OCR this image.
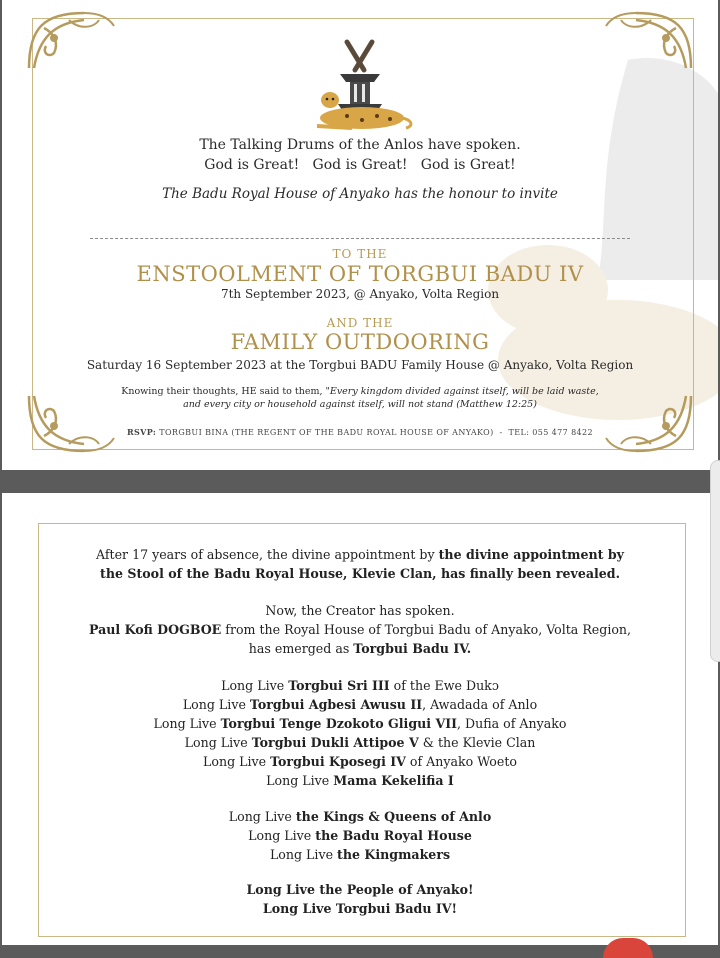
The Talking Drums of the Anlos have spoken.
God is Great!   God is Great!   God is Great!
The Badu Royal House of Anyako has the honour to invite
TO THE
ENSTOOLMENT OF TORGBUI BADU IV
7th September 2023, @ Anyako, Volta Region
AND THE
FAMILY OUTDOORING
Saturday 16 September 2023 at the Torgbui BADU Family House @ Anyako, Volta Region
Knowing their thoughts, HE said to them, "Every kingdom divided against itself, will be laid waste,
and every city or household against itself, will not stand (Matthew 12:25)
RSVP: TORGBUI BINA (THE REGENT OF THE BADU ROYAL HOUSE OF ANYAKO)  -  TEL: 055 477 8422
After 17 years of absence, the divine appointment by the divine appointment by
the Stool of the Badu Royal House, Klevie Clan, has finally been revealed.
Now, the Creator has spoken.
Paul Kofi DOGBOE from the Royal House of Torgbui Badu of Anyako, Volta Region,
has emerged as Torgbui Badu IV.
Long Live Torgbui Sri III of the Ewe Dukɔ
Long Live Torgbui Agbesi Awusu II, Awadada of Anlo
Long Live Torgbui Tenge Dzokoto Gligui VII, Dufia of Anyako
Long Live Torgbui Dukli Attipoe V & the Klevie Clan
Long Live Torgbui Kposegi IV of Anyako Woeto
Long Live Mama Kekelifia I
Long Live the Kings & Queens of Anlo
Long Live the Badu Royal House
Long Live the Kingmakers
Long Live the People of Anyako!
Long Live Torgbui Badu IV!
